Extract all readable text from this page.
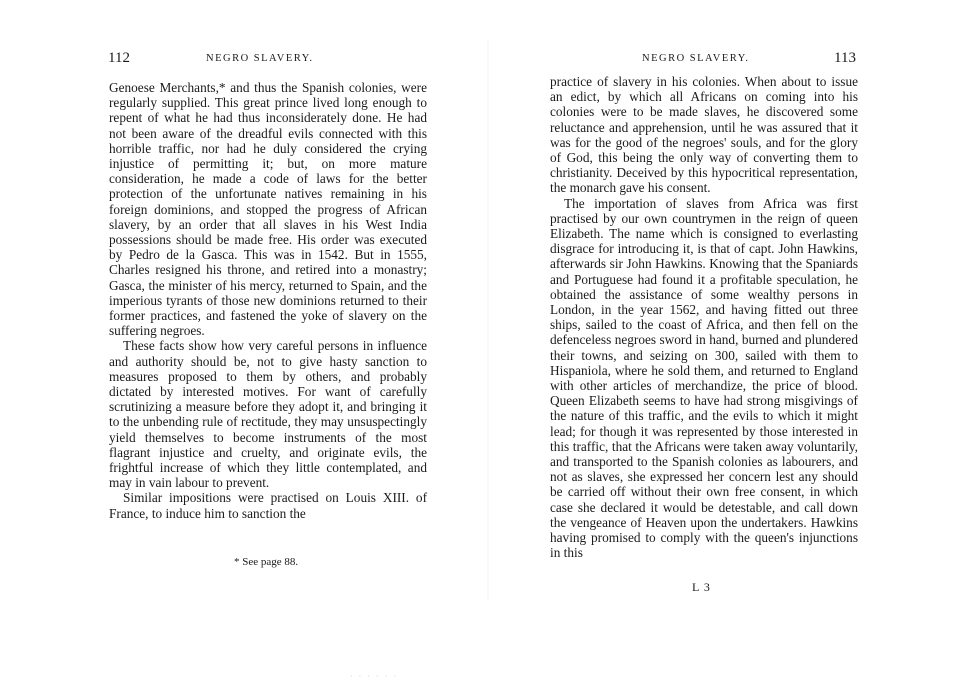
112	NEGRO SLAVERY.

Genoese Merchants,* and thus the Spanish colonies, were regularly supplied. This great prince lived long enough to repent of what he had thus inconsiderately done. He had not been aware of the dreadful evils connected with this horrible traffic, nor had he duly considered the crying injustice of permitting it; but, on more mature consideration, he made a code of laws for the better protection of the unfortunate natives remaining in his foreign dominions, and stopped the progress of African slavery, by an order that all slaves in his West India possessions should be made free. His order was executed by Pedro de la Gasca. This was in 1542. But in 1555, Charles resigned his throne, and retired into a monastry; Gasca, the minister of his mercy, returned to Spain, and the imperious tyrants of those new dominions returned to their former practices, and fastened the yoke of slavery on the suffering negroes.

These facts show how very careful persons in influence and authority should be, not to give hasty sanction to measures proposed to them by others, and probably dictated by interested motives. For want of carefully scrutinizing a measure before they adopt it, and bringing it to the unbending rule of rectitude, they may unsuspectingly yield themselves to become instruments of the most flagrant injustice and cruelty, and originate evils, the frightful increase of which they little contemplated, and may in vain labour to prevent.

Similar impositions were practised on Louis XIII. of France, to induce him to sanction the

* See page 88.
NEGRO SLAVERY.	113

practice of slavery in his colonies. When about to issue an edict, by which all Africans on coming into his colonies were to be made slaves, he discovered some reluctance and apprehension, until he was assured that it was for the good of the negroes' souls, and for the glory of God, this being the only way of converting them to christianity. Deceived by this hypocritical representation, the monarch gave his consent.

The importation of slaves from Africa was first practised by our own countrymen in the reign of queen Elizabeth. The name which is consigned to everlasting disgrace for introducing it, is that of capt. John Hawkins, afterwards sir John Hawkins. Knowing that the Spaniards and Portuguese had found it a profitable speculation, he obtained the assistance of some wealthy persons in London, in the year 1562, and having fitted out three ships, sailed to the coast of Africa, and then fell on the defenceless negroes sword in hand, burned and plundered their towns, and seizing on 300, sailed with them to Hispaniola, where he sold them, and returned to England with other articles of merchandize, the price of blood. Queen Elizabeth seems to have had strong misgivings of the nature of this traffic, and the evils to which it might lead; for though it was represented by those interested in this traffic, that the Africans were taken away voluntarily, and transported to the Spanish colonies as labourers, and not as slaves, she expressed her concern lest any should be carried off without their own free consent, in which case she declared it would be detestable, and call down the vengeance of Heaven upon the undertakers. Hawkins having promised to comply with the queen's injunctions in this

L 3
· · · · · ·
